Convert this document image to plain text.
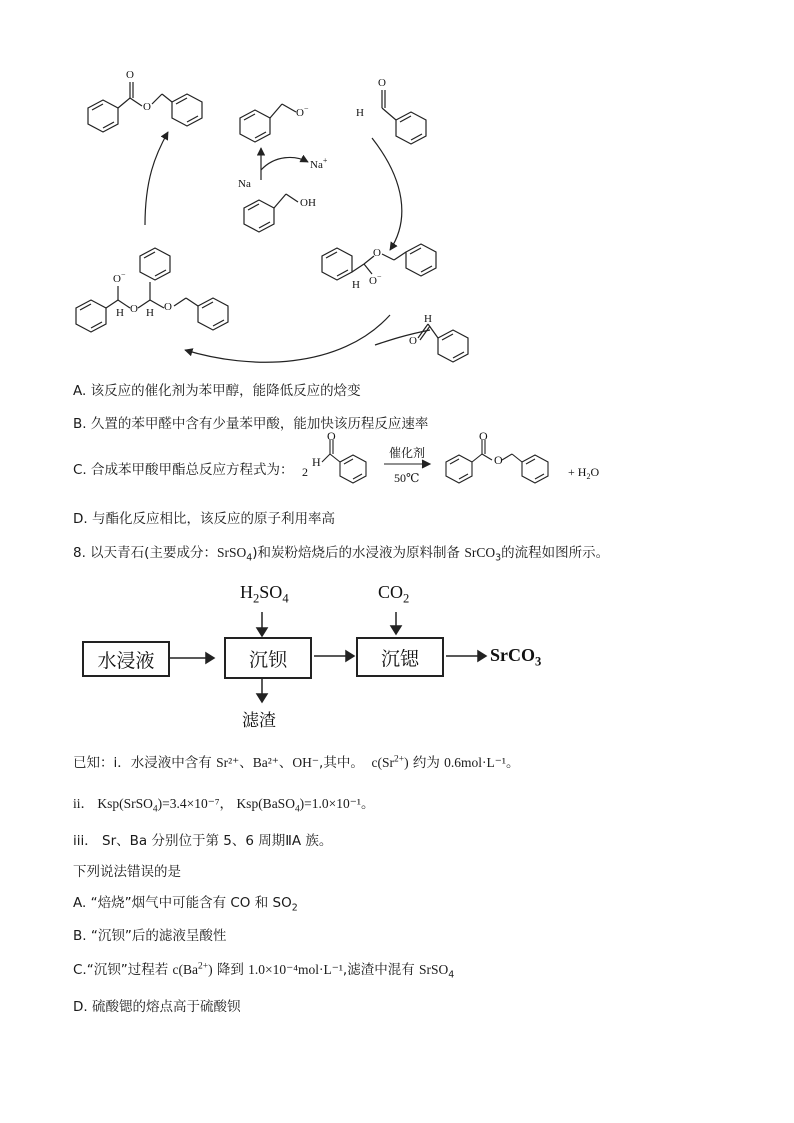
O
O	O−
Na
Na+
OH
O
H
O
O−
H
H
O
O−
H O H O
A. 该反应的催化剂为苯甲醇，能降低反应的焓变
B. 久置的苯甲醛中含有少量苯甲酸，能加快该历程反应速率
C. 合成苯甲酸甲酯总反应方程式为： 2
H
O
催化剂
50℃
O
O
+ $H_2O$
D. 与酯化反应相比，该反应的原子利用率高
8. 以天青石(主要成分：SrSO$_4$)和炭粉焙烧后的水浸液为原料制备 SrCO$_3$的流程如图所示。
$H_2SO_4$	$CO_2$
水浸液	沉钡	沉锶	SrCO$_3$
滤渣
已知：i．水浸液中含有 Sr²⁺、Ba²⁺、OH⁻,其中。 $c(Sr^{2+})$ 约为 0.6mol·L⁻¹。
ii． Ksp(SrSO$_4$)=3.4×10⁻⁷， Ksp(BaSO$_4$)=1.0×10⁻¹。
iii． Sr、Ba 分别位于第 5、6 周期ⅡA 族。
下列说法错误的是
A. “焙烧”烟气中可能含有 CO 和 $SO_2$
B. “沉钡”后的滤液呈酸性
C.“沉钡”过程若 $c(Ba^{2+})$ 降到 1.0×10⁻⁴mol·L⁻¹,滤渣中混有 SrSO$_4$
D. 硫酸锶的熔点高于硫酸钡
